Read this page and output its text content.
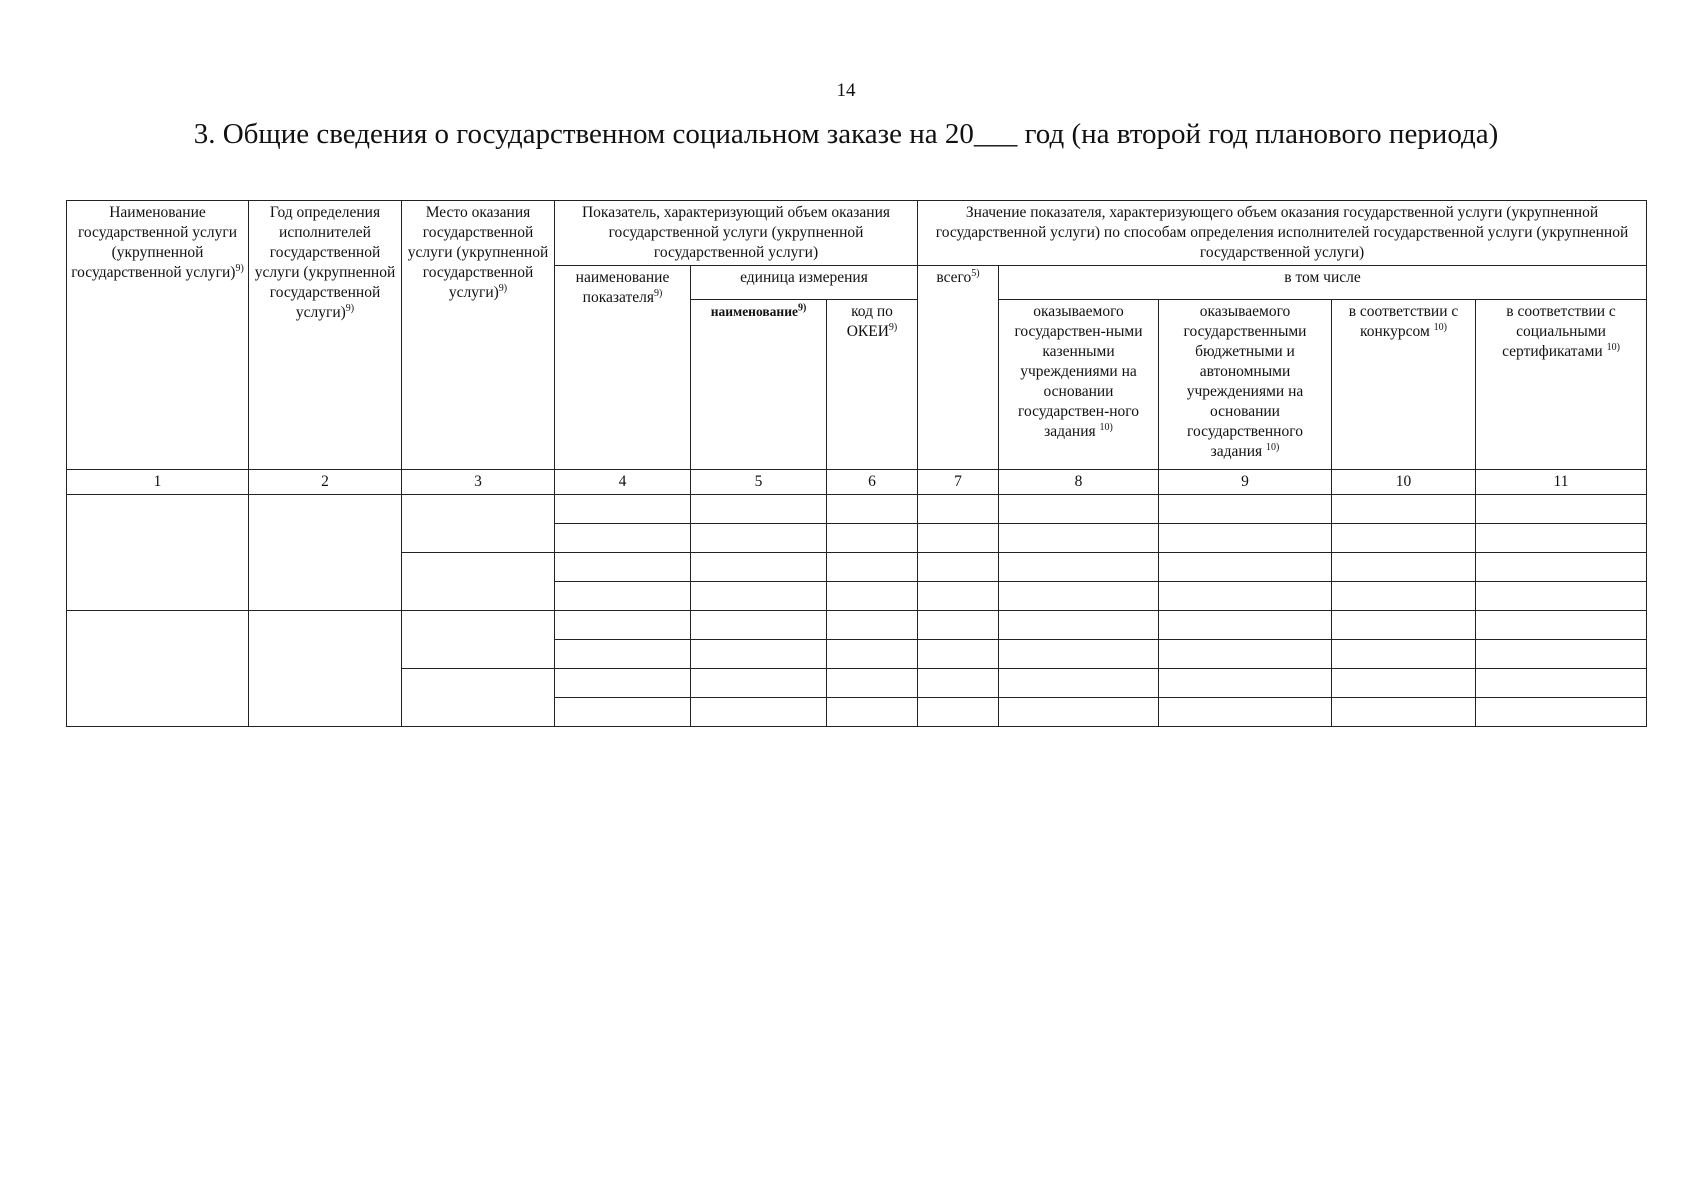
14
3. Общие сведения о государственном социальном заказе на 20___ год (на второй год планового периода)
Наименование государственной услуги (укрупненной государственной услуги)$^{9)}$	Год определения исполнителей государственной услуги (укрупненной государственной услуги)$^{9)}$	Место оказания государственной услуги (укрупненной государственной услуги)$^{9)}$	Показатель, характеризующий объем оказания государственной услуги (укрупненной государственной услуги)			Значение показателя, характеризующего объем оказания государственной услуги (укрупненной государственной услуги) по способам определения исполнителей государственной услуги (укрупненной государственной услуги)				
			наименование показателя$^{9)}$	единица измерения		всего$^{5)}$	в том числе			
				наименование$^{9)}$	код по ОКЕИ$^{9)}$		оказываемого государствен-ными казенными учреждениями на основании государствен-ного задания $^{10)}$	оказываемого государственными бюджетными и автономными учреждениями на основании государственного задания $^{10)}$	в соответствии с конкурсом $^{10)}$	в соответствии с социальными сертификатами $^{10)}$
1	2	3	4	5	6	7	8	9	10	11
